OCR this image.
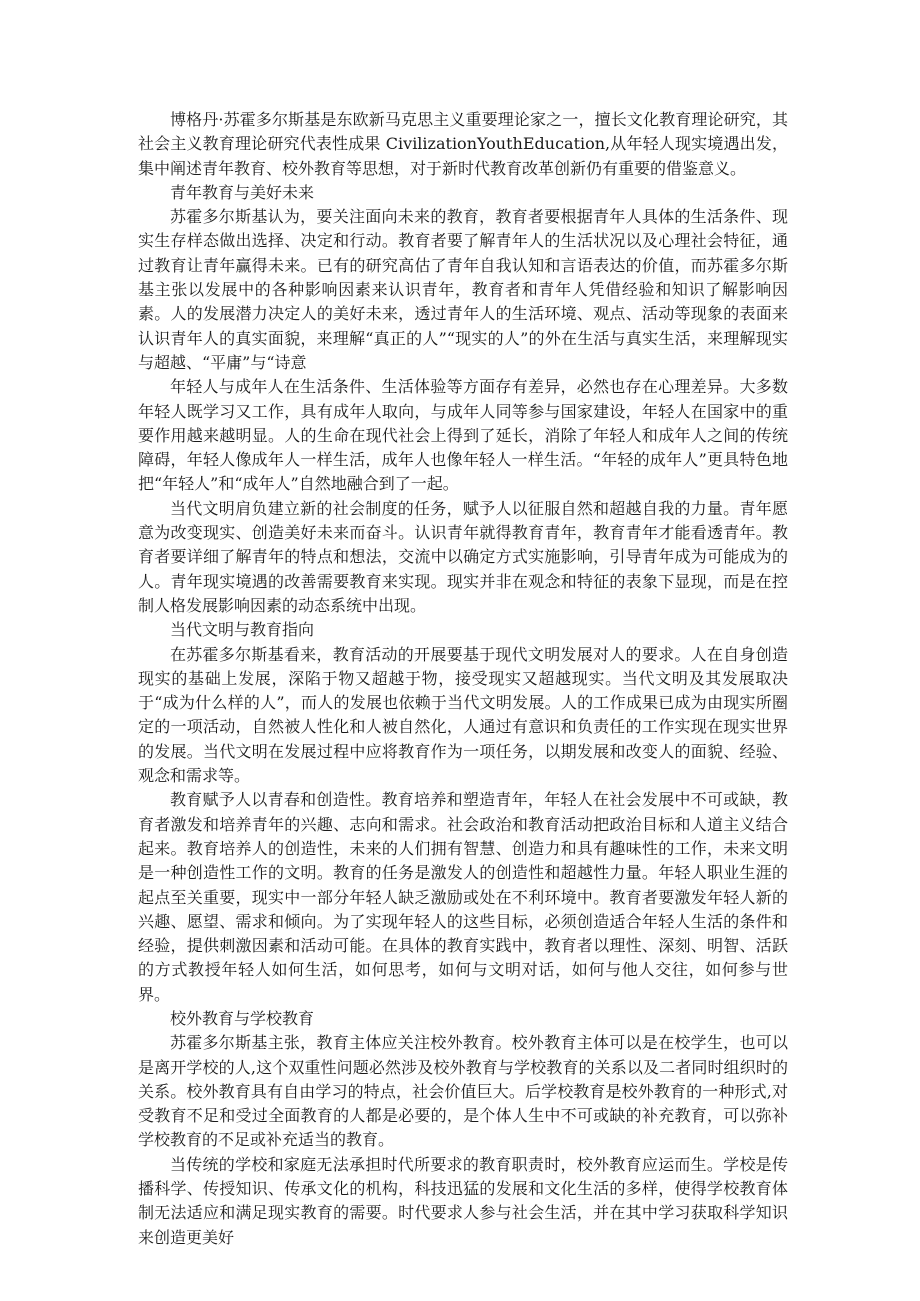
博格丹·苏霍多尔斯基是东欧新马克思主义重要理论家之一，擅长文化教育理论研究，其社会主义教育理论研究代表性成果 CivilizationYouthEducation,从年轻人现实境遇出发，集中阐述青年教育、校外教育等思想，对于新时代教育改革创新仍有重要的借鉴意义。

青年教育与美好未来

苏霍多尔斯基认为，要关注面向未来的教育，教育者要根据青年人具体的生活条件、现实生存样态做出选择、决定和行动。教育者要了解青年人的生活状况以及心理社会特征，通过教育让青年赢得未来。已有的研究高估了青年自我认知和言语表达的价值，而苏霍多尔斯基主张以发展中的各种影响因素来认识青年，教育者和青年人凭借经验和知识了解影响因素。人的发展潜力决定人的美好未来，透过青年人的生活环境、观点、活动等现象的表面来认识青年人的真实面貌，来理解“真正的人”“现实的人”的外在生活与真实生活，来理解现实与超越、“平庸”与“诗意

年轻人与成年人在生活条件、生活体验等方面存有差异，必然也存在心理差异。大多数年轻人既学习又工作，具有成年人取向，与成年人同等参与国家建设，年轻人在国家中的重要作用越来越明显。人的生命在现代社会上得到了延长，消除了年轻人和成年人之间的传统障碍，年轻人像成年人一样生活，成年人也像年轻人一样生活。“年轻的成年人”更具特色地把“年轻人”和“成年人”自然地融合到了一起。

当代文明肩负建立新的社会制度的任务，赋予人以征服自然和超越自我的力量。青年愿意为改变现实、创造美好未来而奋斗。认识青年就得教育青年，教育青年才能看透青年。教育者要详细了解青年的特点和想法，交流中以确定方式实施影响，引导青年成为可能成为的人。青年现实境遇的改善需要教育来实现。现实并非在观念和特征的表象下显现，而是在控制人格发展影响因素的动态系统中出现。

当代文明与教育指向

在苏霍多尔斯基看来，教育活动的开展要基于现代文明发展对人的要求。人在自身创造现实的基础上发展，深陷于物又超越于物，接受现实又超越现实。当代文明及其发展取决于“成为什么样的人”，而人的发展也依赖于当代文明发展。人的工作成果已成为由现实所圈定的一项活动，自然被人性化和人被自然化，人通过有意识和负责任的工作实现在现实世界的发展。当代文明在发展过程中应将教育作为一项任务，以期发展和改变人的面貌、经验、观念和需求等。

教育赋予人以青春和创造性。教育培养和塑造青年，年轻人在社会发展中不可或缺，教育者激发和培养青年的兴趣、志向和需求。社会政治和教育活动把政治目标和人道主义结合起来。教育培养人的创造性，未来的人们拥有智慧、创造力和具有趣味性的工作，未来文明是一种创造性工作的文明。教育的任务是激发人的创造性和超越性力量。年轻人职业生涯的起点至关重要，现实中一部分年轻人缺乏激励或处在不利环境中。教育者要激发年轻人新的兴趣、愿望、需求和倾向。为了实现年轻人的这些目标，必须创造适合年轻人生活的条件和经验，提供刺激因素和活动可能。在具体的教育实践中，教育者以理性、深刻、明智、活跃的方式教授年轻人如何生活，如何思考，如何与文明对话，如何与他人交往，如何参与世界。

校外教育与学校教育

苏霍多尔斯基主张，教育主体应关注校外教育。校外教育主体可以是在校学生，也可以是离开学校的人,这个双重性问题必然涉及校外教育与学校教育的关系以及二者同时组织时的关系。校外教育具有自由学习的特点，社会价值巨大。后学校教育是校外教育的一种形式,对受教育不足和受过全面教育的人都是必要的，是个体人生中不可或缺的补充教育，可以弥补学校教育的不足或补充适当的教育。

当传统的学校和家庭无法承担时代所要求的教育职责时，校外教育应运而生。学校是传播科学、传授知识、传承文化的机构，科技迅猛的发展和文化生活的多样，使得学校教育体制无法适应和满足现实教育的需要。时代要求人参与社会生活，并在其中学习获取科学知识来创造更美好
